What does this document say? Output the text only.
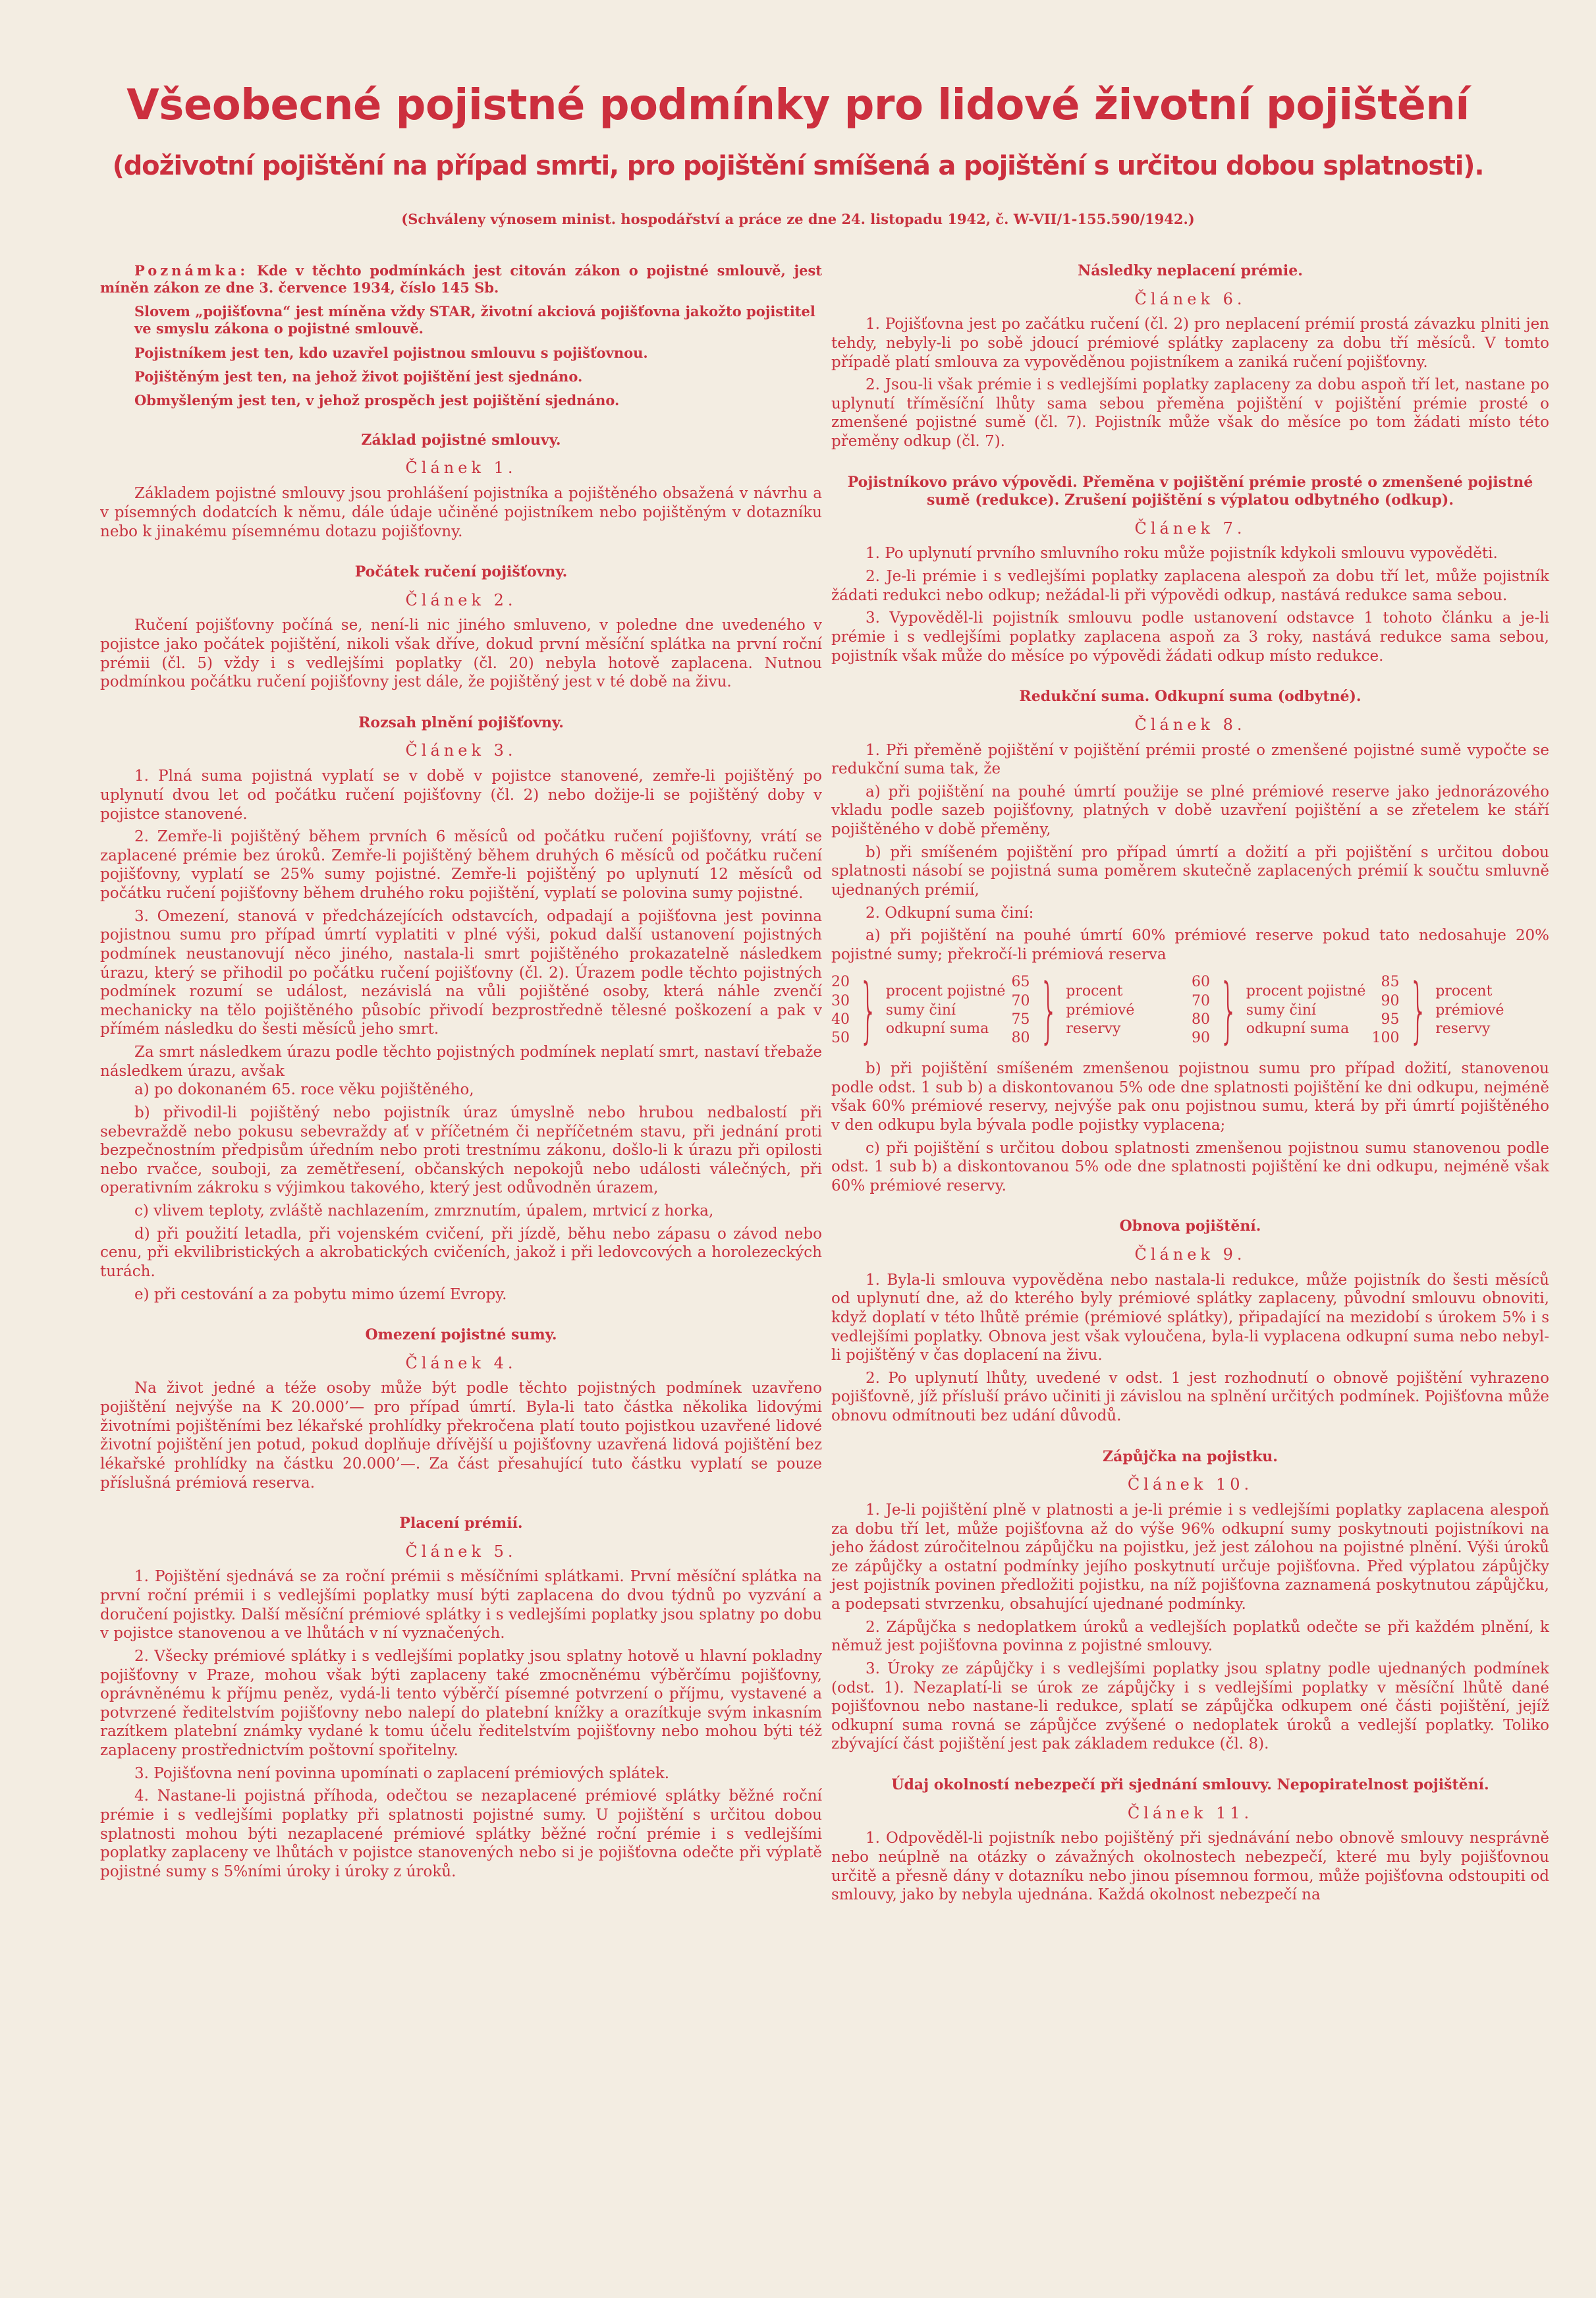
Všeobecné pojistné podmínky pro lidové životní pojištění
(doživotní pojištění na případ smrti, pro pojištění smíšená a pojištění s určitou dobou splatnosti).

(Schváleny výnosem minist. hospodářství a práce ze dne 24. listopadu 1942, č. W-VII/1-155.590/1942.)

Poznámka: Kde v těchto podmínkách jest citován zákon o pojistné smlouvě, jest míněn zákon ze dne 3. července 1934, číslo 145 Sb.

Slovem „pojišťovna“ jest míněna vždy STAR, životní akciová pojišťovna jakožto pojistitel ve smyslu zákona o pojistné smlouvě.

Pojistníkem jest ten, kdo uzavřel pojistnou smlouvu s pojišťovnou.

Pojištěným jest ten, na jehož život pojištění jest sjednáno.

Obmyšleným jest ten, v jehož prospěch jest pojištění sjednáno.

Základ pojistné smlouvy.
Článek 1.

Základem pojistné smlouvy jsou prohlášení pojistníka a pojištěného obsažená v návrhu a v písemných dodatcích k němu, dále údaje učiněné pojistníkem nebo pojištěným v dotazníku nebo k jinakému písemnému dotazu pojišťovny.

Počátek ručení pojišťovny.
Článek 2.

Ručení pojišťovny počíná se, není-li nic jiného smluveno, v poledne dne uvedeného v pojistce jako počátek pojištění, nikoli však dříve, dokud první měsíční splátka na první roční prémii (čl. 5) vždy i s vedlejšími poplatky (čl. 20) nebyla hotově zaplacena. Nutnou podmínkou počátku ručení pojišťovny jest dále, že pojištěný jest v té době na živu.

Rozsah plnění pojišťovny.
Článek 3.

1. Plná suma pojistná vyplatí se v době v pojistce stanovené, zemře-li pojištěný po uplynutí dvou let od počátku ručení pojišťovny (čl. 2) nebo dožije-li se pojištěný doby v pojistce stanovené.

2. Zemře-li pojištěný během prvních 6 měsíců od počátku ručení pojišťovny, vrátí se zaplacené prémie bez úroků. Zemře-li pojištěný během druhých 6 měsíců od počátku ručení pojišťovny, vyplatí se 25% sumy pojistné. Zemře-li pojištěný po uplynutí 12 měsíců od počátku ručení pojišťovny během druhého roku pojištění, vyplatí se polovina sumy pojistné.

3. Omezení, stanová v předcházejících odstavcích, odpadají a pojišťovna jest povinna pojistnou sumu pro případ úmrtí vyplatiti v plné výši, pokud další ustanovení pojistných podmínek neustanovují něco jiného, nastala-li smrt pojištěného prokazatelně následkem úrazu, který se přihodil po počátku ručení pojišťovny (čl. 2). Úrazem podle těchto pojistných podmínek rozumí se událost, nezávislá na vůli pojištěné osoby, která náhle zvenčí mechanicky na tělo pojištěného působíc přivodí bezprostředně tělesné poškození a pak v přímém následku do šesti měsíců jeho smrt.

Za smrt následkem úrazu podle těchto pojistných podmínek neplatí smrt, nastaví třebaže následkem úrazu, avšak

a) po dokonaném 65. roce věku pojištěného,

b) přivodil-li pojištěný nebo pojistník úraz úmyslně nebo hrubou nedbalostí při sebevraždě nebo pokusu sebevraždy ať v příčetném či nepříčetném stavu, při jednání proti bezpečnostním předpisům úředním nebo proti trestnímu zákonu, došlo-li k úrazu při opilosti nebo rvačce, souboji, za zemětřesení, občanských nepokojů nebo události válečných, při operativním zákroku s výjimkou takového, který jest odůvodněn úrazem,

c) vlivem teploty, zvláště nachlazením, zmrznutím, úpalem, mrtvicí z horka,

d) při použití letadla, při vojenském cvičení, při jízdě, běhu nebo zápasu o závod nebo cenu, při ekvilibristických a akrobatických cvičeních, jakož i při ledovcových a horolezeckých turách.

e) při cestování a za pobytu mimo území Evropy.

Omezení pojistné sumy.
Článek 4.

Na život jedné a téže osoby může být podle těchto pojistných podmínek uzavřeno pojištění nejvýše na K 20.000’— pro případ úmrtí. Byla-li tato částka několika lidovými životními pojištěními bez lékařské prohlídky překročena platí touto pojistkou uzavřené lidové životní pojištění jen potud, pokud doplňuje dřívější u pojišťovny uzavřená lidová pojištění bez lékařské prohlídky na částku 20.000’—. Za část přesahující tuto částku vyplatí se pouze příslušná prémiová reserva.

Placení prémií.
Článek 5.

1. Pojištění sjednává se za roční prémii s měsíčními splátkami. První měsíční splátka na první roční prémii i s vedlejšími poplatky musí býti zaplacena do dvou týdnů po vyzvání a doručení pojistky. Další měsíční prémiové splátky i s vedlejšími poplatky jsou splatny po dobu v pojistce stanovenou a ve lhůtách v ní vyznačených.

2. Všecky prémiové splátky i s vedlejšími poplatky jsou splatny hotově u hlavní pokladny pojišťovny v Praze, mohou však býti zaplaceny také zmocněnému výběrčímu pojišťovny, oprávněnému k příjmu peněz, vydá-li tento výběrčí písemné potvrzení o příjmu, vystavené a potvrzené ředitelstvím pojišťovny nebo nalepí do platební knížky a orazítkuje svým inkasním razítkem platební známky vydané k tomu účelu ředitelstvím pojišťovny nebo mohou býti též zaplaceny prostřednictvím poštovní spořitelny.

3. Pojišťovna není povinna upomínati o zaplacení prémiových splátek.

4. Nastane-li pojistná příhoda, odečtou se nezaplacené prémiové splátky běžné roční prémie i s vedlejšími poplatky při splatnosti pojistné sumy. U pojištění s určitou dobou splatnosti mohou býti nezaplacené prémiové splátky běžné roční prémie i s vedlejšími poplatky zaplaceny ve lhůtách v pojistce stanovených nebo si je pojišťovna odečte při výplatě pojistné sumy s 5%ními úroky i úroky z úroků.

Následky neplacení prémie.
Článek 6.

1. Pojišťovna jest po začátku ručení (čl. 2) pro neplacení prémií prostá závazku plniti jen tehdy, nebyly-li po sobě jdoucí prémiové splátky zaplaceny za dobu tří měsíců. V tomto případě platí smlouva za vypověděnou pojistníkem a zaniká ručení pojišťovny.

2. Jsou-li však prémie i s vedlejšími poplatky zaplaceny za dobu aspoň tří let, nastane po uplynutí tříměsíční lhůty sama sebou přeměna pojištění v pojištění prémie prosté o zmenšené pojistné sumě (čl. 7). Pojistník může však do měsíce po tom žádati místo této přeměny odkup (čl. 7).

Pojistníkovo právo výpovědi. Přeměna v pojištění prémie prosté o zmenšené pojistné sumě (redukce). Zrušení pojištění s výplatou odbytného (odkup).
Článek 7.

1. Po uplynutí prvního smluvního roku může pojistník kdykoli smlouvu vypověděti.

2. Je-li prémie i s vedlejšími poplatky zaplacena alespoň za dobu tří let, může pojistník žádati redukci nebo odkup; nežádal-li při výpovědi odkup, nastává redukce sama sebou.

3. Vypověděl-li pojistník smlouvu podle ustanovení odstavce 1 tohoto článku a je-li prémie i s vedlejšími poplatky zaplacena aspoň za 3 roky, nastává redukce sama sebou, pojistník však může do měsíce po výpovědi žádati odkup místo redukce.

Redukční suma. Odkupní suma (odbytné).
Článek 8.

1. Při přeměně pojištění v pojištění prémii prosté o zmenšené pojistné sumě vypočte se redukční suma tak, že

a) při pojištění na pouhé úmrtí použije se plné prémiové reserve jako jednorázového vkladu podle sazeb pojišťovny, platných v době uzavření pojištění a se zřetelem ke stáří pojištěného v době přeměny,

b) při smíšeném pojištění pro případ úmrtí a dožití a při pojištění s určitou dobou splatnosti násobí se pojistná suma poměrem skutečně zaplacených prémií k součtu smluvně ujednaných prémií,

2. Odkupní suma činí:

a) při pojištění na pouhé úmrtí 60% prémiové reserve pokud tato nedosahuje 20% pojistné sumy; překročí-li prémiová reserva

20
30
40
50 } procent pojistné
sumy činí
odkupní suma
65
70
75
80 } procent
prémiové
reservy
60
70
80
90 } procent pojistné
sumy činí
odkupní suma
85
90
95
100 } procent
prémiové
reservy

b) při pojištění smíšeném zmenšenou pojistnou sumu pro případ dožití, stanovenou podle odst. 1 sub b) a diskontovanou 5% ode dne splatnosti pojištění ke dni odkupu, nejméně však 60% prémiové reservy, nejvýše pak onu pojistnou sumu, která by při úmrtí pojištěného v den odkupu byla bývala podle pojistky vyplacena;

c) při pojištění s určitou dobou splatnosti zmenšenou pojistnou sumu stanovenou podle odst. 1 sub b) a diskontovanou 5% ode dne splatnosti pojištění ke dni odkupu, nejméně však 60% prémiové reservy.

Obnova pojištění.
Článek 9.

1. Byla-li smlouva vypověděna nebo nastala-li redukce, může pojistník do šesti měsíců od uplynutí dne, až do kterého byly prémiové splátky zaplaceny, původní smlouvu obnoviti, když doplatí v této lhůtě prémie (prémiové splátky), připadající na mezidobí s úrokem 5% i s vedlejšími poplatky. Obnova jest však vyloučena, byla-li vyplacena odkupní suma nebo nebyl-li pojištěný v čas doplacení na živu.

2. Po uplynutí lhůty, uvedené v odst. 1 jest rozhodnutí o obnově pojištění vyhrazeno pojišťovně, jíž přísluší právo učiniti ji závislou na splnění určitých podmínek. Pojišťovna může obnovu odmítnouti bez udání důvodů.

Zápůjčka na pojistku.
Článek 10.

1. Je-li pojištění plně v platnosti a je-li prémie i s vedlejšími poplatky zaplacena alespoň za dobu tří let, může pojišťovna až do výše 96% odkupní sumy poskytnouti pojistníkovi na jeho žádost zúročitelnou zápůjčku na pojistku, jež jest zálohou na pojistné plnění. Výši úroků ze zápůjčky a ostatní podmínky jejího poskytnutí určuje pojišťovna. Před výplatou zápůjčky jest pojistník povinen předložiti pojistku, na níž pojišťovna zaznamená poskytnutou zápůjčku, a podepsati stvrzenku, obsahující ujednané podmínky.

2. Zápůjčka s nedoplatkem úroků a vedlejších poplatků odečte se při každém plnění, k němuž jest pojišťovna povinna z pojistné smlouvy.

3. Úroky ze zápůjčky i s vedlejšími poplatky jsou splatny podle ujednaných podmínek (odst. 1). Nezaplatí-li se úrok ze zápůjčky i s vedlejšími poplatky v měsíční lhůtě dané pojišťovnou nebo nastane-li redukce, splatí se zápůjčka odkupem oné části pojištění, jejíž odkupní suma rovná se zápůjčce zvýšené o nedoplatek úroků a vedlejší poplatky. Toliko zbývající část pojištění jest pak základem redukce (čl. 8).

Údaj okolností nebezpečí při sjednání smlouvy. Nepopiratelnost pojištění.
Článek 11.

1. Odpověděl-li pojistník nebo pojištěný při sjednávání nebo obnově smlouvy nesprávně nebo neúplně na otázky o závažných okolnostech nebezpečí, které mu byly pojišťovnou určitě a přesně dány v dotazníku nebo jinou písemnou formou, může pojišťovna odstoupiti od smlouvy, jako by nebyla ujednána. Každá okolnost nebezpečí na
